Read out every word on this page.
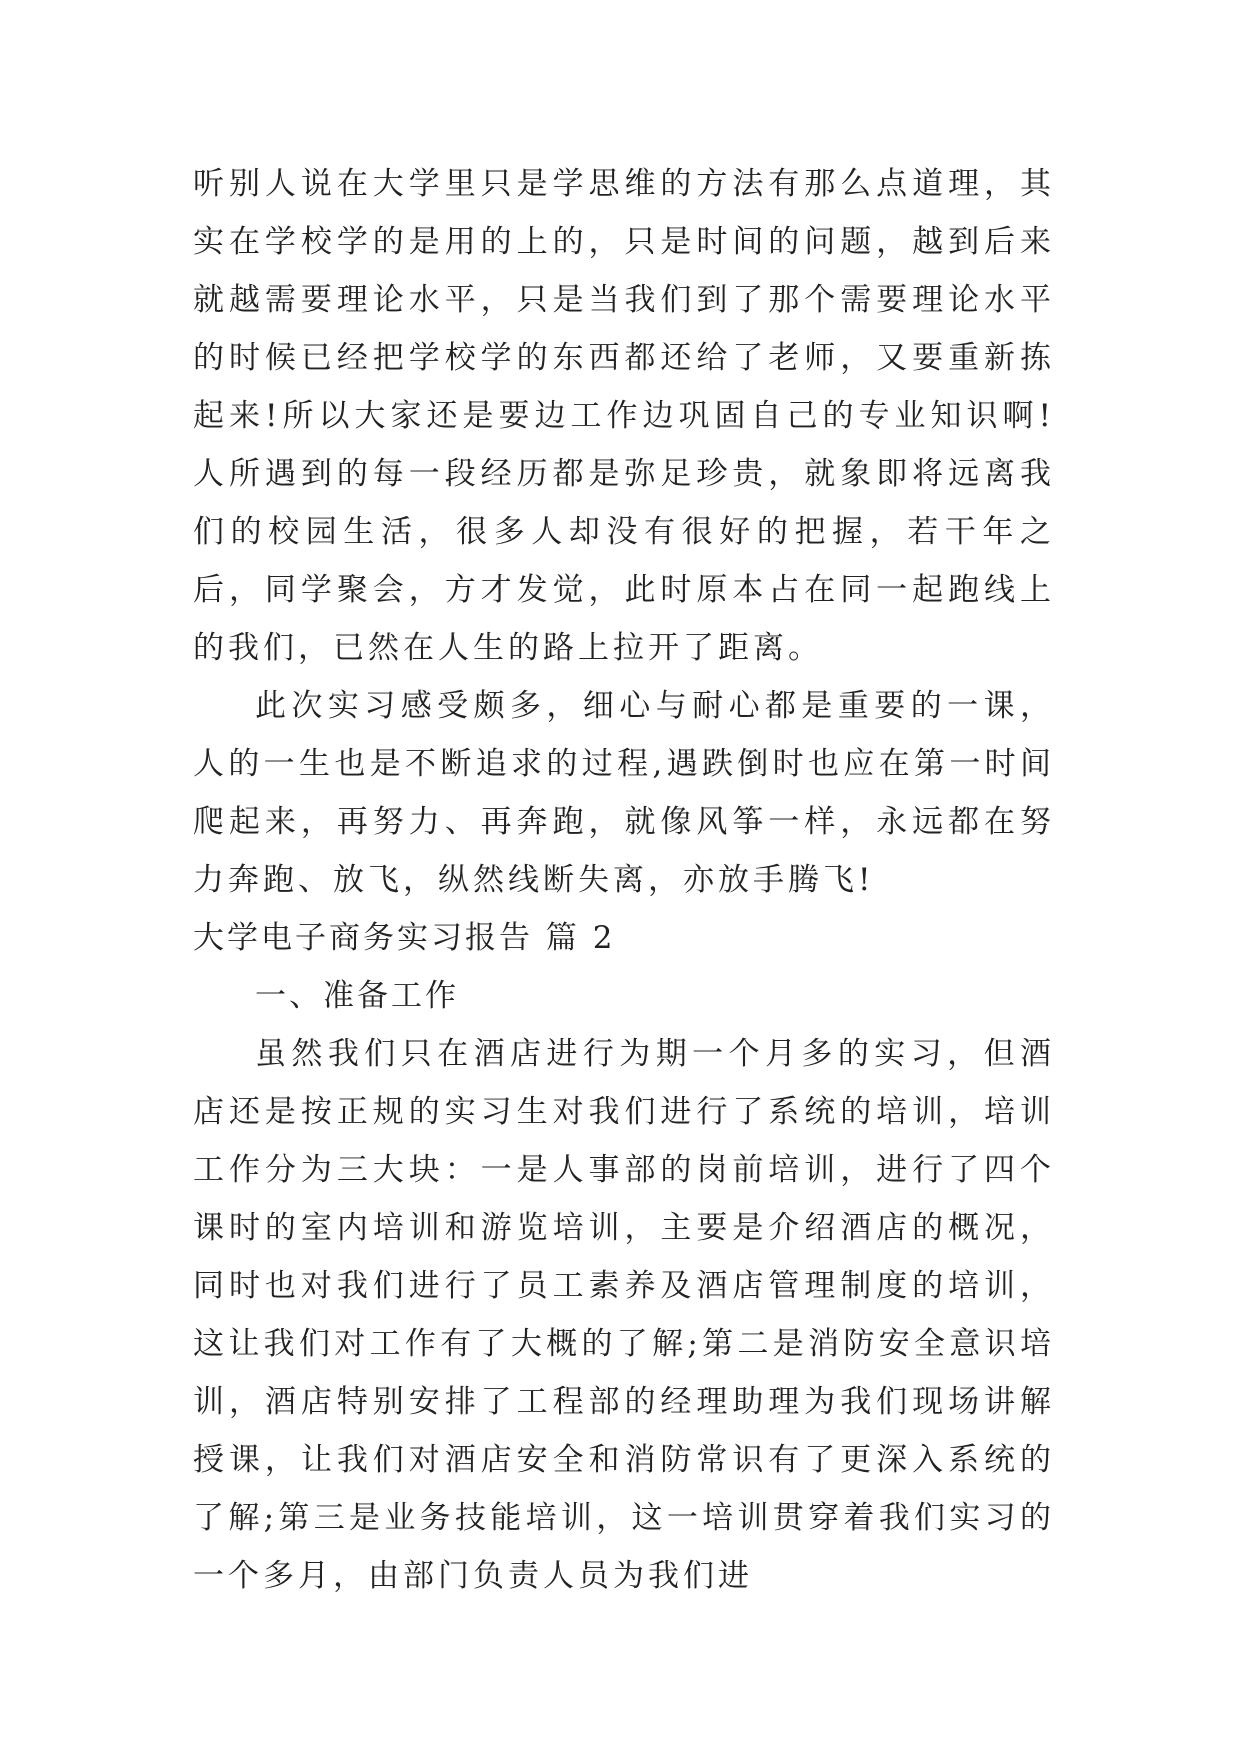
听别人说在大学里只是学思维的方法有那么点道理，其实在学校学的是用的上的，只是时间的问题，越到后来就越需要理论水平，只是当我们到了那个需要理论水平的时候已经把学校学的东西都还给了老师，又要重新拣起来!所以大家还是要边工作边巩固自己的专业知识啊!人所遇到的每一段经历都是弥足珍贵，就象即将远离我们的校园生活，很多人却没有很好的把握，若干年之后，同学聚会，方才发觉，此时原本占在同一起跑线上的我们，已然在人生的路上拉开了距离。

此次实习感受颇多，细心与耐心都是重要的一课，人的一生也是不断追求的过程,遇跌倒时也应在第一时间爬起来，再努力、再奔跑，就像风筝一样，永远都在努力奔跑、放飞，纵然线断失离，亦放手腾飞!

大学电子商务实习报告 篇 2

一、准备工作

虽然我们只在酒店进行为期一个月多的实习，但酒店还是按正规的实习生对我们进行了系统的培训，培训工作分为三大块：一是人事部的岗前培训，进行了四个课时的室内培训和游览培训，主要是介绍酒店的概况，同时也对我们进行了员工素养及酒店管理制度的培训，这让我们对工作有了大概的了解;第二是消防安全意识培训，酒店特别安排了工程部的经理助理为我们现场讲解授课，让我们对酒店安全和消防常识有了更深入系统的了解;第三是业务技能培训，这一培训贯穿着我们实习的一个多月，由部门负责人员为我们进
